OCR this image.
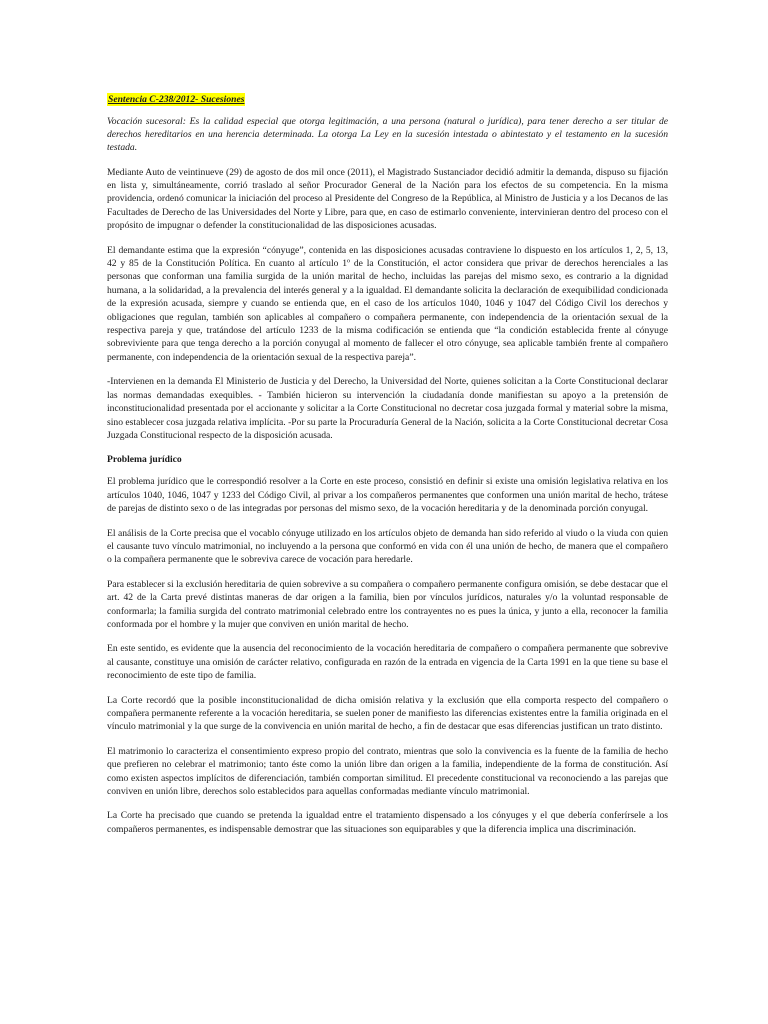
Sentencia C-238/2012- Sucesiones

Vocación sucesoral: Es la calidad especial que otorga legitimación, a una persona (natural o jurídica), para tener derecho a ser titular de derechos hereditarios en una herencia determinada. La otorga La Ley en la sucesión intestada o abintestato y el testamento en la sucesión testada.

Mediante Auto de veintinueve (29) de agosto de dos mil once (2011), el Magistrado Sustanciador decidió admitir la demanda, dispuso su fijación en lista y, simultáneamente, corrió traslado al señor Procurador General de la Nación para los efectos de su competencia. En la misma providencia, ordenó comunicar la iniciación del proceso al Presidente del Congreso de la República, al Ministro de Justicia y a los Decanos de las Facultades de Derecho de las Universidades del Norte y Libre, para que, en caso de estimarlo conveniente, intervinieran dentro del proceso con el propósito de impugnar o defender la constitucionalidad de las disposiciones acusadas.

El demandante estima que la expresión “cónyuge”, contenida en las disposiciones acusadas contraviene lo dispuesto en los artículos 1, 2, 5, 13, 42 y 85 de la Constitución Política. En cuanto al artículo 1º de la Constitución, el actor considera que privar de derechos herenciales a las personas que conforman una familia surgida de la unión marital de hecho, incluidas las parejas del mismo sexo, es contrario a la dignidad humana, a la solidaridad, a la prevalencia del interés general y a la igualdad. El demandante solicita la declaración de exequibilidad condicionada de la expresión acusada, siempre y cuando se entienda que, en el caso de los artículos 1040, 1046 y 1047 del Código Civil los derechos y obligaciones que regulan, también son aplicables al compañero o compañera permanente, con independencia de la orientación sexual de la respectiva pareja y que, tratándose del artículo 1233 de la misma codificación se entienda que “la condición establecida frente al cónyuge sobreviviente para que tenga derecho a la porción conyugal al momento de fallecer el otro cónyuge, sea aplicable también frente al compañero permanente, con independencia de la orientación sexual de la respectiva pareja”.

-Intervienen en la demanda El Ministerio de Justicia y del Derecho, la Universidad del Norte, quienes solicitan a la Corte Constitucional declarar las normas demandadas exequibles. - También hicieron su intervención la ciudadanía donde manifiestan su apoyo a la pretensión de inconstitucionalidad presentada por el accionante y solicitar a la Corte Constitucional no decretar cosa juzgada formal y material sobre la misma, sino establecer cosa juzgada relativa implícita. -Por su parte la Procuraduría General de la Nación, solicita a la Corte Constitucional decretar Cosa Juzgada Constitucional respecto de la disposición acusada.

Problema jurídico

El problema jurídico que le correspondió resolver a la Corte en este proceso, consistió en definir si existe una omisión legislativa relativa en los artículos 1040, 1046, 1047 y 1233 del Código Civil, al privar a los compañeros permanentes que conformen una unión marital de hecho, trátese de parejas de distinto sexo o de las integradas por personas del mismo sexo, de la vocación hereditaria y de la denominada porción conyugal.

El análisis de la Corte precisa que el vocablo cónyuge utilizado en los artículos objeto de demanda han sido referido al viudo o la viuda con quien el causante tuvo vínculo matrimonial, no incluyendo a la persona que conformó en vida con él una unión de hecho, de manera que el compañero o la compañera permanente que le sobreviva carece de vocación para heredarle.

Para establecer si la exclusión hereditaria de quien sobrevive a su compañera o compañero permanente configura omisión, se debe destacar que el art. 42 de la Carta prevé distintas maneras de dar origen a la familia, bien por vínculos jurídicos, naturales y/o la voluntad responsable de conformarla; la familia surgida del contrato matrimonial celebrado entre los contrayentes no es pues la única, y junto a ella, reconocer la familia conformada por el hombre y la mujer que conviven en unión marital de hecho.

En este sentido, es evidente que la ausencia del reconocimiento de la vocación hereditaria de compañero o compañera permanente que sobrevive al causante, constituye una omisión de carácter relativo, configurada en razón de la entrada en vigencia de la Carta 1991 en la que tiene su base el reconocimiento de este tipo de familia.

La Corte recordó que la posible inconstitucionalidad de dicha omisión relativa y la exclusión que ella comporta respecto del compañero o compañera permanente referente a la vocación hereditaria, se suelen poner de manifiesto las diferencias existentes entre la familia originada en el vínculo matrimonial y la que surge de la convivencia en unión marital de hecho, a fin de destacar que esas diferencias justifican un trato distinto.

El matrimonio lo caracteriza el consentimiento expreso propio del contrato, mientras que solo la convivencia es la fuente de la familia de hecho que prefieren no celebrar el matrimonio; tanto éste como la unión libre dan origen a la familia, independiente de la forma de constitución. Así como existen aspectos implícitos de diferenciación, también comportan similitud. El precedente constitucional va reconociendo a las parejas que conviven en unión libre, derechos solo establecidos para aquellas conformadas mediante vínculo matrimonial.

La Corte ha precisado que cuando se pretenda la igualdad entre el tratamiento dispensado a los cónyuges y el que debería conferírsele a los compañeros permanentes, es indispensable demostrar que las situaciones son equiparables y que la diferencia implica una discriminación.
